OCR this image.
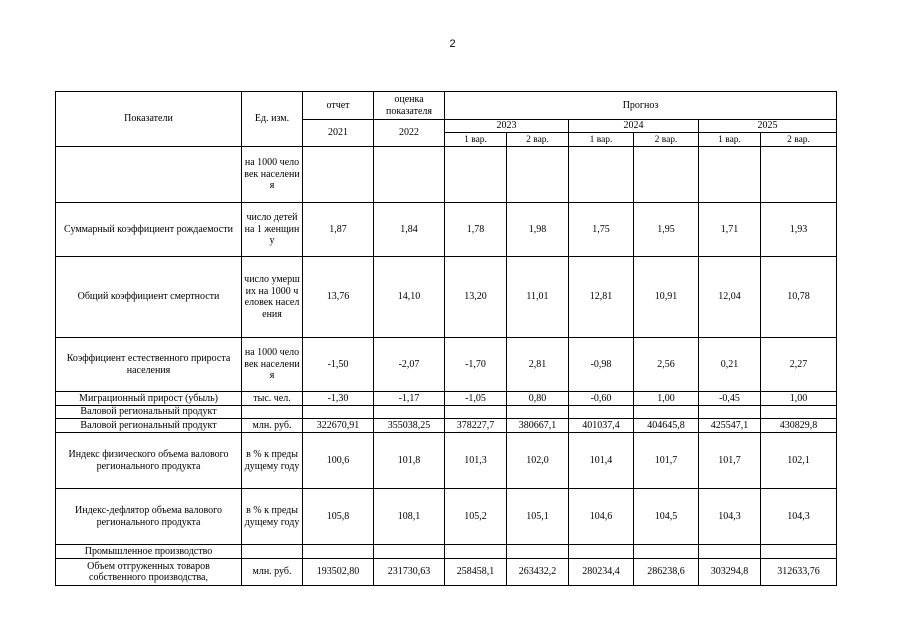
2
Показатели	Ед. изм.	отчет	оценка показателя	Прогноз					
		2021	2022	2023		2024		2025	
				1 вар.	2 вар.	1 вар.	2 вар.	1 вар.	2 вар.
	на 1000 человек населения								
Суммарный коэффициент рождаемости	число детей на 1 женщину	1,87	1,84	1,78	1,98	1,75	1,95	1,71	1,93
Общий коэффициент смертности	число умерших на 1000 человек населения	13,76	14,10	13,20	11,01	12,81	10,91	12,04	10,78
Коэффициент естественного прироста населения	на 1000 человек населения	-1,50	-2,07	-1,70	2,81	-0,98	2,56	0,21	2,27
Миграционный прирост (убыль)	тыс. чел.	-1,30	-1,17	-1,05	0,80	-0,60	1,00	-0,45	1,00
Валовой региональный продукт									
Валовой региональный продукт	млн. руб.	322670,91	355038,25	378227,7	380667,1	401037,4	404645,8	425547,1	430829,8
Индекс физического объема валового регионального продукта	в % к предыдущему году	100,6	101,8	101,3	102,0	101,4	101,7	101,7	102,1
Индекс-дефлятор объема валового регионального продукта	в % к предыдущему году	105,8	108,1	105,2	105,1	104,6	104,5	104,3	104,3
Промышленное производство									
Объем отгруженных товаров собственного производства,	млн. руб.	193502,80	231730,63	258458,1	263432,2	280234,4	286238,6	303294,8	312633,76
